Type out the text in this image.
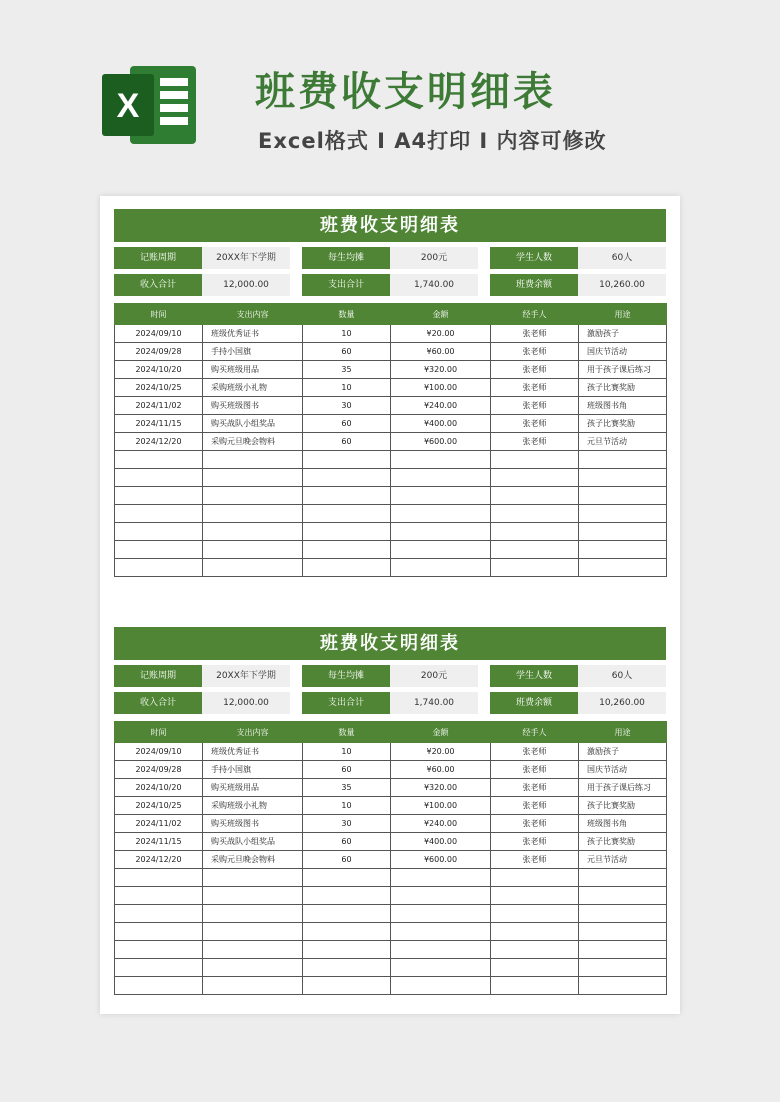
X	班费收支明细表
Excel格式 I A4打印 I 内容可修改
班费收支明细表
记账周期	20XX年下学期	每生均摊	200元	学生人数	60人
收入合计	12,000.00	支出合计	1,740.00	班费余额	10,260.00
时间	支出内容	数量	金额	经手人	用途
2024/09/10	班级优秀证书	10	¥20.00	张老师	激励孩子
2024/09/28	手持小国旗	60	¥60.00	张老师	国庆节活动
2024/10/20	购买班级用品	35	¥320.00	张老师	用于孩子课后练习
2024/10/25	采购班级小礼物	10	¥100.00	张老师	孩子比赛奖励
2024/11/02	购买班级图书	30	¥240.00	张老师	班级图书角
2024/11/15	购买战队小组奖品	60	¥400.00	张老师	孩子比赛奖励
2024/12/20	采购元旦晚会物料	60	¥600.00	张老师	元旦节活动

班费收支明细表
记账周期	20XX年下学期	每生均摊	200元	学生人数	60人
收入合计	12,000.00	支出合计	1,740.00	班费余额	10,260.00
时间	支出内容	数量	金额	经手人	用途
2024/09/10	班级优秀证书	10	¥20.00	张老师	激励孩子
2024/09/28	手持小国旗	60	¥60.00	张老师	国庆节活动
2024/10/20	购买班级用品	35	¥320.00	张老师	用于孩子课后练习
2024/10/25	采购班级小礼物	10	¥100.00	张老师	孩子比赛奖励
2024/11/02	购买班级图书	30	¥240.00	张老师	班级图书角
2024/11/15	购买战队小组奖品	60	¥400.00	张老师	孩子比赛奖励
2024/12/20	采购元旦晚会物料	60	¥600.00	张老师	元旦节活动
